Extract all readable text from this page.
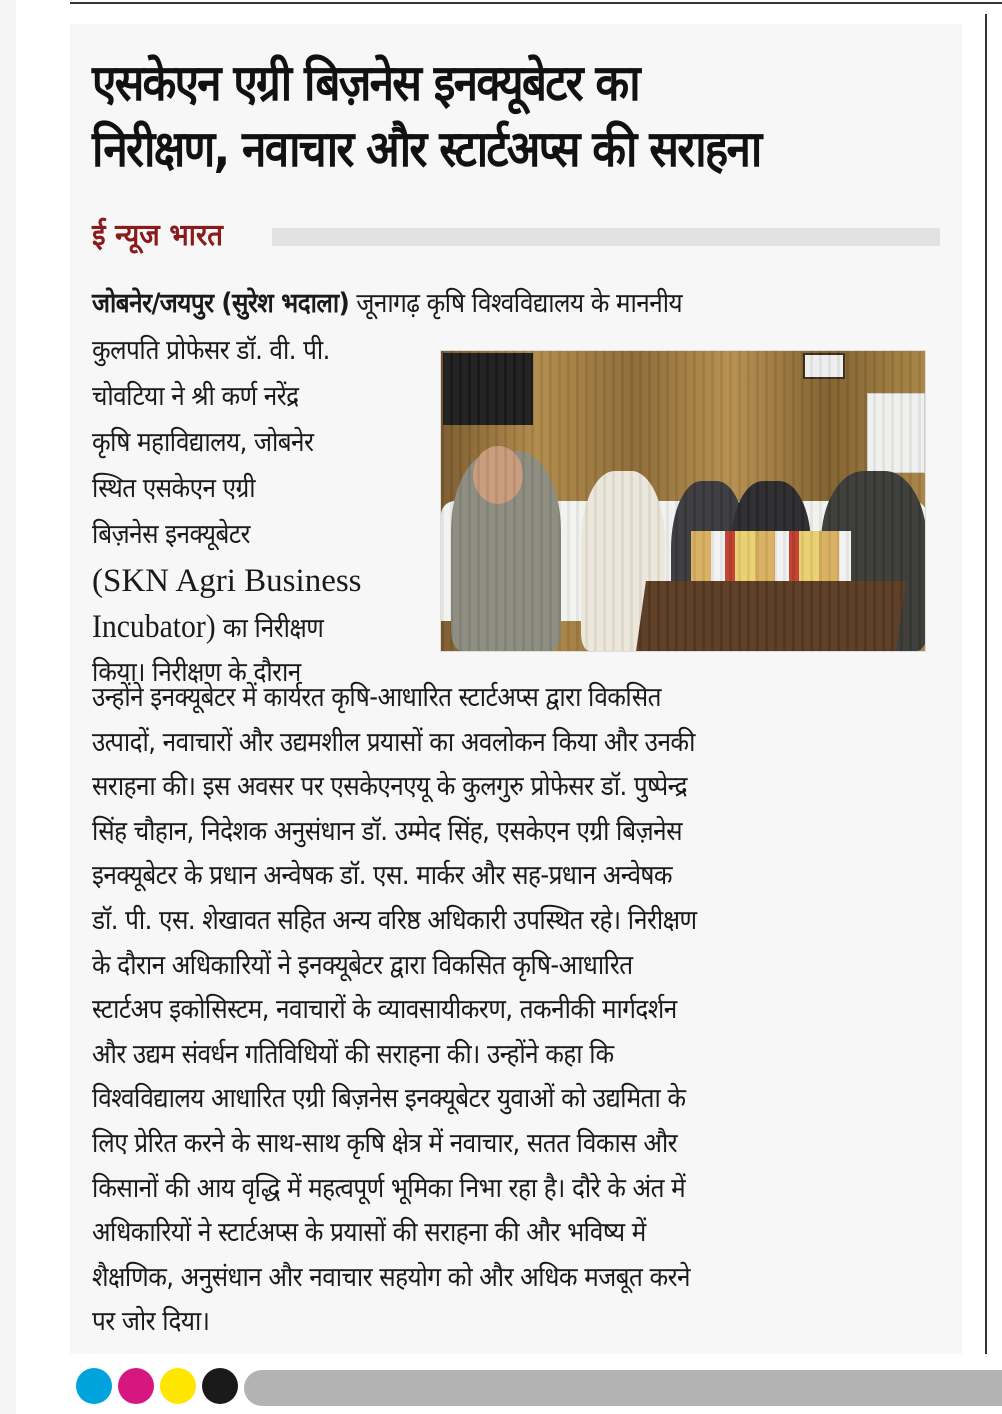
एसकेएन एग्री बिज़नेस इनक्यूबेटर का
निरीक्षण, नवाचार और स्टार्टअप्स की सराहना
ई न्यूज भारत
जोबनेर/जयपुर (सुरेश भदाला) जूनागढ़ कृषि विश्वविद्यालय के माननीय
कुलपति प्रोफेसर डॉ. वी. पी.
चोवटिया ने श्री कर्ण नरेंद्र
कृषि महाविद्यालय, जोबनेर
स्थित एसकेएन एग्री
बिज़नेस इनक्यूबेटर
(SKN Agri Business
Incubator) का निरीक्षण
किया। निरीक्षण के दौरान
उन्होंने इनक्यूबेटर में कार्यरत कृषि-आधारित स्टार्टअप्स द्वारा विकसित
उत्पादों, नवाचारों और उद्यमशील प्रयासों का अवलोकन किया और उनकी
सराहना की। इस अवसर पर एसकेएनएयू के कुलगुरु प्रोफेसर डॉ. पुष्पेन्द्र
सिंह चौहान, निदेशक अनुसंधान डॉ. उम्मेद सिंह, एसकेएन एग्री बिज़नेस
इनक्यूबेटर के प्रधान अन्वेषक डॉ. एस. मार्कर और सह-प्रधान अन्वेषक
डॉ. पी. एस. शेखावत सहित अन्य वरिष्ठ अधिकारी उपस्थित रहे। निरीक्षण
के दौरान अधिकारियों ने इनक्यूबेटर द्वारा विकसित कृषि-आधारित
स्टार्टअप इकोसिस्टम, नवाचारों के व्यावसायीकरण, तकनीकी मार्गदर्शन
और उद्यम संवर्धन गतिविधियों की सराहना की। उन्होंने कहा कि
विश्वविद्यालय आधारित एग्री बिज़नेस इनक्यूबेटर युवाओं को उद्यमिता के
लिए प्रेरित करने के साथ-साथ कृषि क्षेत्र में नवाचार, सतत विकास और
किसानों की आय वृद्धि में महत्वपूर्ण भूमिका निभा रहा है। दौरे के अंत में
अधिकारियों ने स्टार्टअप्स के प्रयासों की सराहना की और भविष्य में
शैक्षणिक, अनुसंधान और नवाचार सहयोग को और अधिक मजबूत करने
पर जोर दिया।
